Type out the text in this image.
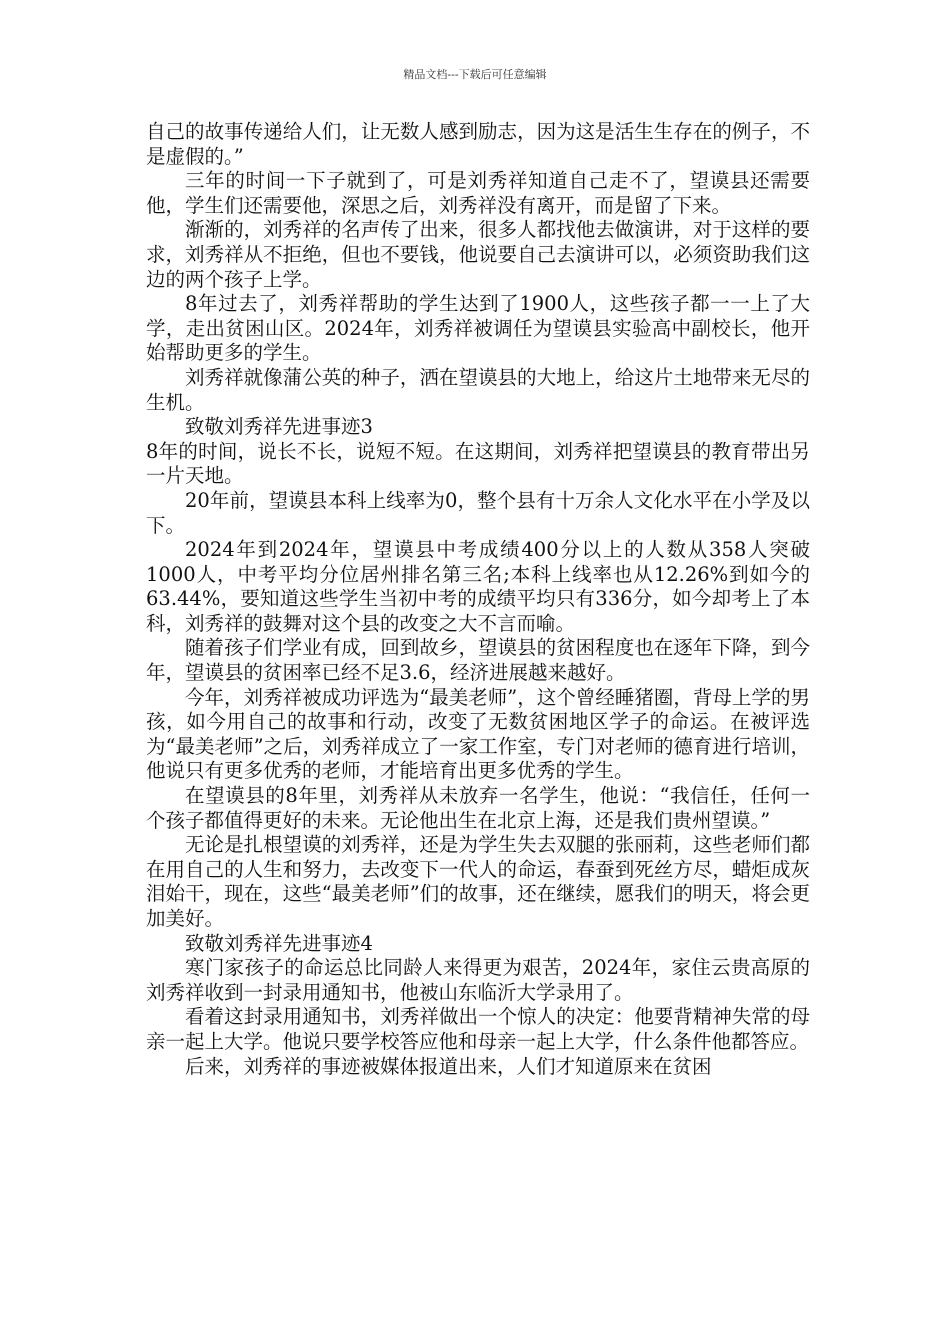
精品文档---下载后可任意编辑

自己的故事传递给人们，让无数人感到励志，因为这是活生生存在的例子，不是虚假的。”

三年的时间一下子就到了，可是刘秀祥知道自己走不了，望谟县还需要他，学生们还需要他，深思之后，刘秀祥没有离开，而是留了下来。

渐渐的，刘秀祥的名声传了出来，很多人都找他去做演讲，对于这样的要求，刘秀祥从不拒绝，但也不要钱，他说要自己去演讲可以，必须资助我们这边的两个孩子上学。

8年过去了，刘秀祥帮助的学生达到了1900人，这些孩子都一一上了大学，走出贫困山区。2024年，刘秀祥被调任为望谟县实验高中副校长，他开始帮助更多的学生。

刘秀祥就像蒲公英的种子，洒在望谟县的大地上，给这片土地带来无尽的生机。

致敬刘秀祥先进事迹3

8年的时间，说长不长，说短不短。在这期间，刘秀祥把望谟县的教育带出另一片天地。

20年前，望谟县本科上线率为0，整个县有十万余人文化水平在小学及以下。

2024年到2024年，望谟县中考成绩400分以上的人数从358人突破1000人，中考平均分位居州排名第三名;本科上线率也从12.26%到如今的63.44%，要知道这些学生当初中考的成绩平均只有336分，如今却考上了本科，刘秀祥的鼓舞对这个县的改变之大不言而喻。

随着孩子们学业有成，回到故乡，望谟县的贫困程度也在逐年下降，到今年，望谟县的贫困率已经不足3.6，经济进展越来越好。

今年，刘秀祥被成功评选为“最美老师”，这个曾经睡猪圈，背母上学的男孩，如今用自己的故事和行动，改变了无数贫困地区学子的命运。在被评选为“最美老师”之后，刘秀祥成立了一家工作室，专门对老师的德育进行培训，他说只有更多优秀的老师，才能培育出更多优秀的学生。

在望谟县的8年里，刘秀祥从未放弃一名学生，他说：“我信任，任何一个孩子都值得更好的未来。无论他出生在北京上海，还是我们贵州望谟。”

无论是扎根望谟的刘秀祥，还是为学生失去双腿的张丽莉，这些老师们都在用自己的人生和努力，去改变下一代人的命运，春蚕到死丝方尽，蜡炬成灰泪始干，现在，这些“最美老师”们的故事，还在继续，愿我们的明天，将会更加美好。

致敬刘秀祥先进事迹4

寒门家孩子的命运总比同龄人来得更为艰苦，2024年，家住云贵高原的刘秀祥收到一封录用通知书，他被山东临沂大学录用了。

看着这封录用通知书，刘秀祥做出一个惊人的决定：他要背精神失常的母亲一起上大学。他说只要学校答应他和母亲一起上大学，什么条件他都答应。

后来，刘秀祥的事迹被媒体报道出来，人们才知道原来在贫困
